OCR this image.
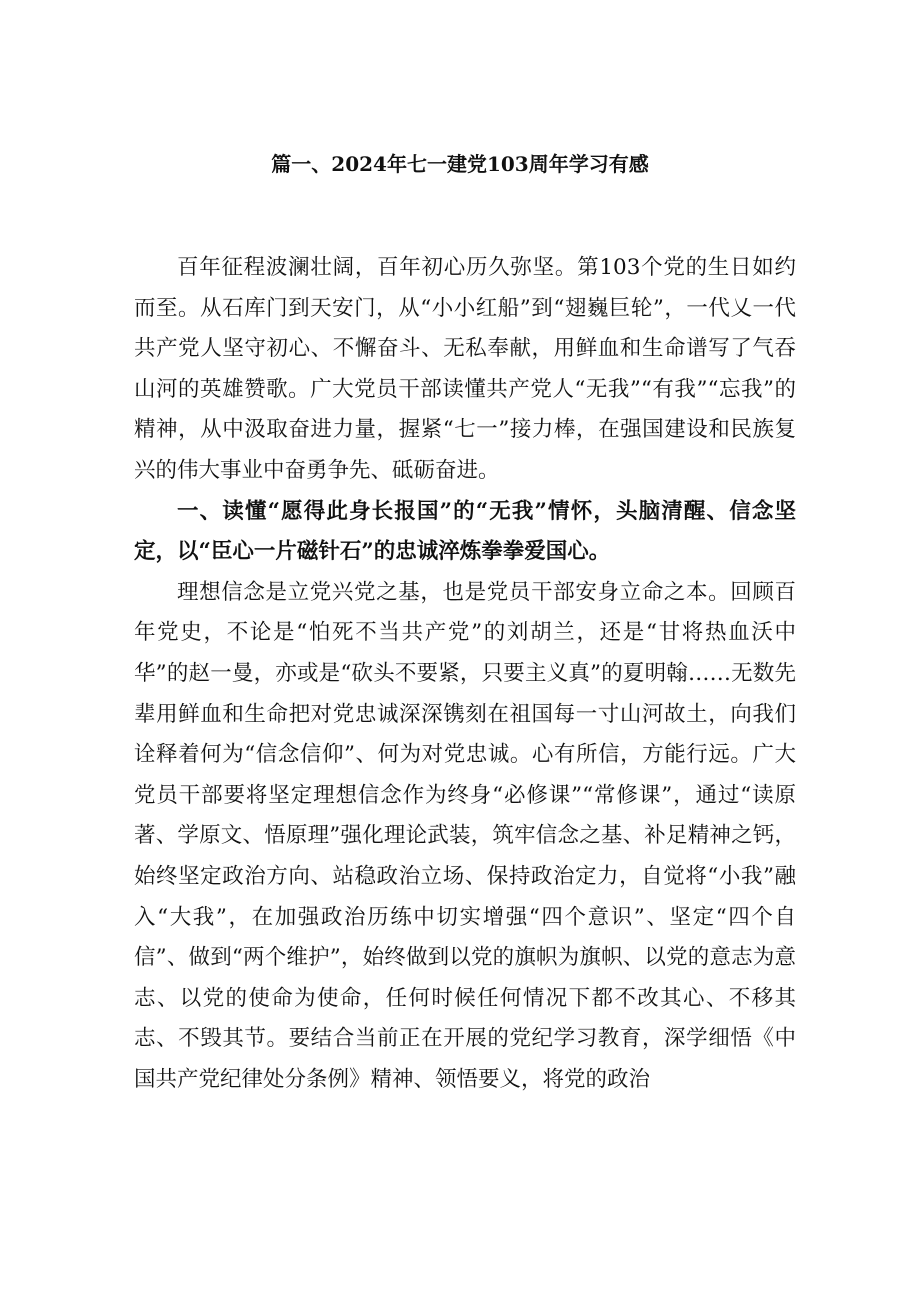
篇一、2024年七一建党103周年学习有感

百年征程波澜壮阔，百年初心历久弥坚。第103个党的生日如约而至。从石库门到天安门，从“小小红船”到“翅巍巨轮”，一代乂一代共产党人坚守初心、不懈奋斗、无私奉献，用鲜血和生命谱写了气吞山河的英雄赞歌。广大党员干部读懂共产党人“无我”“有我”“忘我”的精神，从中汲取奋进力量，握紧“七一”接力棒，在强国建设和民族复兴的伟大事业中奋勇争先、砥砺奋进。

一、读懂“愿得此身长报国”的“无我”情怀，头脑清醒、信念坚定，以“臣心一片磁针石”的忠诚淬炼拳拳爱国心。

理想信念是立党兴党之基，也是党员干部安身立命之本。回顾百年党史，不论是“怕死不当共产党”的刘胡兰，还是“甘将热血沃中华”的赵一曼，亦或是“砍头不要紧，只要主义真”的夏明翰……无数先辈用鲜血和生命把对党忠诚深深镌刻在祖国每一寸山河故土，向我们诠释着何为“信念信仰”、何为对党忠诚。心有所信，方能行远。广大党员干部要将坚定理想信念作为终身“必修课”“常修课”，通过“读原著、学原文、悟原理”强化理论武装，筑牢信念之基、补足精神之钙，始终坚定政治方向、站稳政治立场、保持政治定力，自觉将“小我”融入“大我”，在加强政治历练中切实增强“四个意识”、坚定“四个自信”、做到“两个维护”，始终做到以党的旗帜为旗帜、以党的意志为意志、以党的使命为使命，任何时候任何情况下都不改其心、不移其志、不毁其节。要结合当前正在开展的党纪学习教育，深学细悟《中国共产党纪律处分条例》精神、领悟要义，将党的政治
